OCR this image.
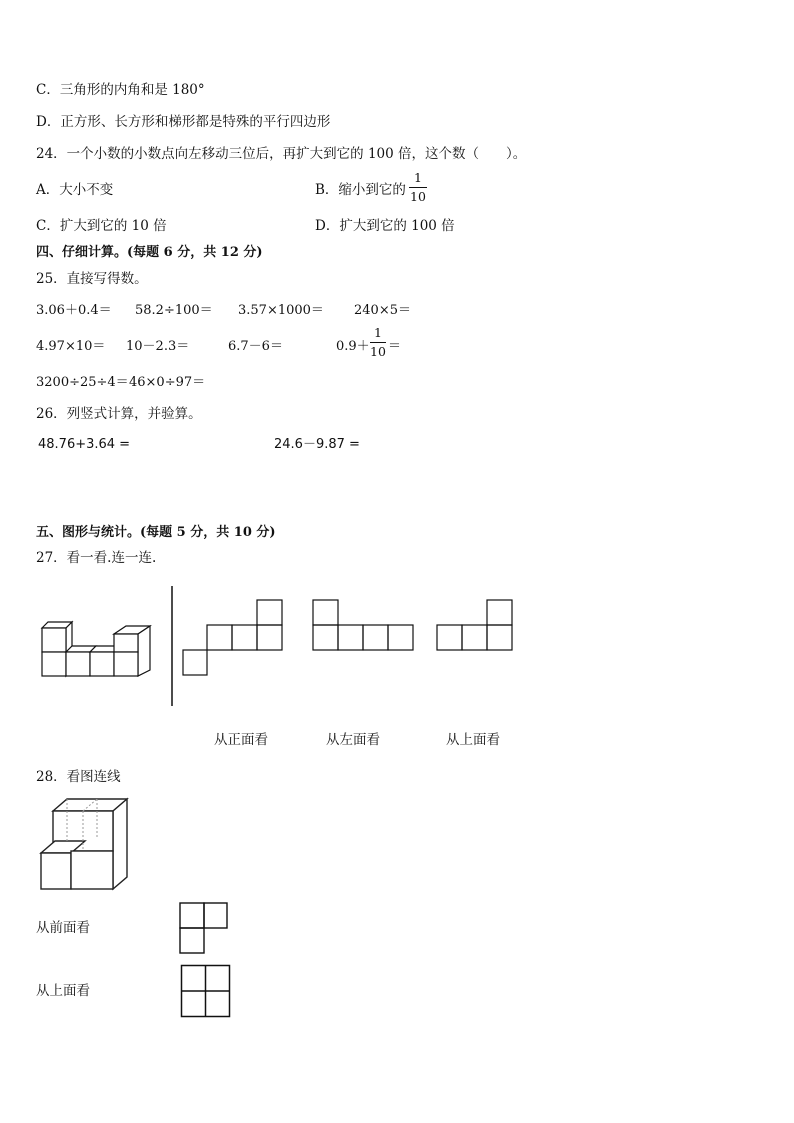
C．三角形的内角和是 180°
D．正方形、长方形和梯形都是特殊的平行四边形
24．一个小数的小数点向左移动三位后，再扩大到它的 100 倍，这个数（　　）。
A．大小不变	B．缩小到它的
1
10
C．扩大到它的 10 倍	D．扩大到它的 100 倍
四、仔细计算。(每题 6 分，共 12 分)
25．直接写得数。
3.06＋0.4＝ 58.2÷100＝ 3.57×1000＝ 240×5＝
4.97×10＝ 10－2.3＝	6.7－6＝	0.9＋
1
10 ＝
3200÷25÷4＝ 46×0÷97＝
26．列竖式计算，并验算。
48.76+3.64 =	24.6－9.87 =
五、图形与统计。(每题 5 分，共 10 分)
27．看一看.连一连.
从正面看	从左面看	从上面看
28．看图连线
从前面看
从上面看
